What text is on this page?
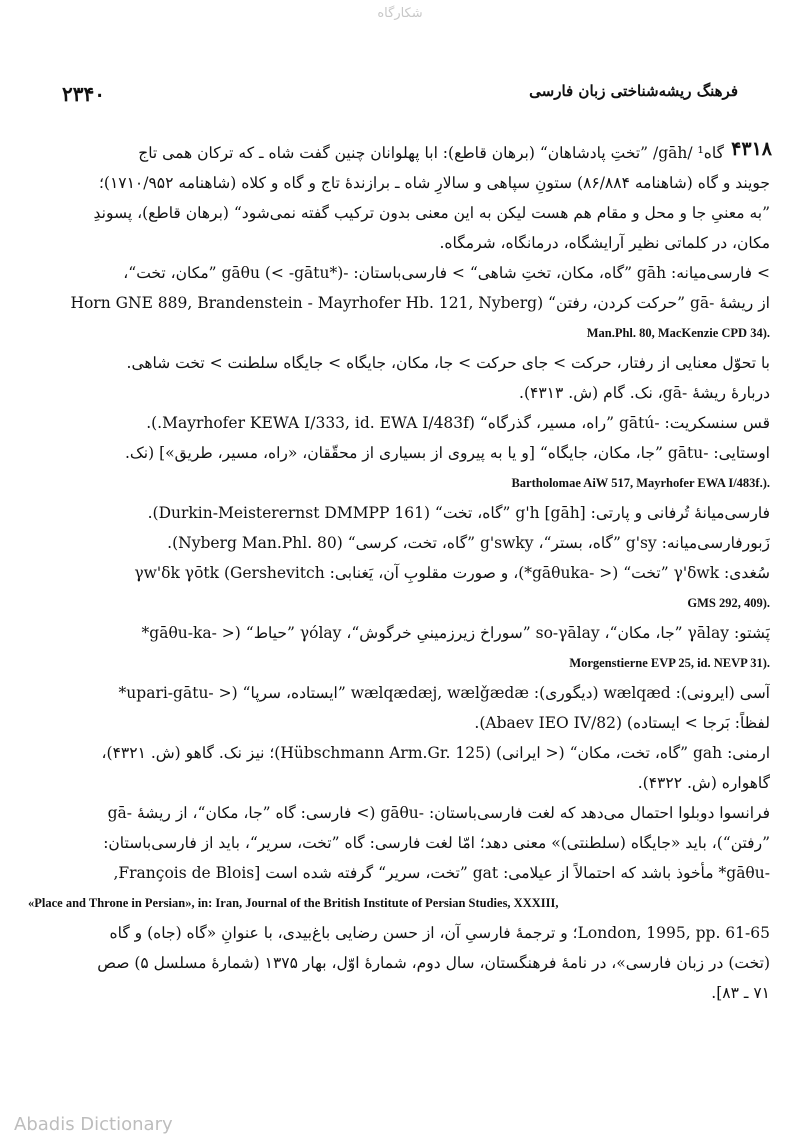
شکارگاه
۲۳۴۰	فرهنگ ریشه‌شناختی زبان فارسی
۴۳۱۸
گاه¹ /gāh/ ”تختِ پادشاهان“ (برهان قاطع): ابا پهلوانان چنین گفت شاه ـ که ترکان همی تاج
جویند و گاه (شاهنامه ۸۶/۸۸۴) ستونِ سپاهی و سالارِ شاه ـ برازندهٔ تاج و گاه و کلاه (شاهنامه ۱۷۱۰/۹۵۲)؛
”به معنیِ جا و محل و مقام هم هست لیکن به این معنی بدون ترکیب گفته نمی‌شود“ (برهان قاطع)، پسوندِ
مکان، در کلماتی نظیر آرایشگاه، درمانگاه، شرمگاه.
> فارسی‌میانه: gāh ”گاه، مکان، تختِ شاهی“ > فارسی‌باستان: -gāθu (< -gātu*) ”مکان، تخت“،
از ریشهٔ -gā ”حرکت کردن، رفتن“ (Horn GNE 889, Brandenstein - Mayrhofer Hb. 121, Nyberg
Man.Phl. 80, MacKenzie CPD 34).
با تحوّل معنایی از رفتار، حرکت > جای حرکت > جا، مکان، جایگاه > جایگاه سلطنت > تخت شاهی.
دربارهٔ ریشهٔ -gā، نک. گام (ش. ۴۳۱۳).
قس سنسکریت: -gātú ”راه، مسیر، گذرگاه“ (Mayrhofer KEWA I/333, id. EWA I/483f.).
اوستایی: -gātu ”جا، مکان، جایگاه“ [و یا به پیروی از بسیاری از محقّقان، «راه، مسیر، طریق»] (نک.
Bartholomae AiW 517, Mayrhofer EWA I/483f.).
فارسی‌میانهٔ تُرفانی و پارتی: g'h [gāh] ”گاه، تخت“ (Durkin-Meisterernst DMMPP 161).
زَبورفارسی‌میانه: g'sy ”گاه، بستر“، g'swky ”گاه، تخت، کرسی“ (Nyberg Man.Phl. 80).
سُغدی: γ'δwk ”تخت“ (< -gāθuka*)، و صورت مقلوبِ آن، یَغنابی: γw'δk γōtk (Gershevitch
GMS 292, 409).
پَشتو: γālay ”جا، مکان“، so-γālay ”سوراخ زیرزمینیِ خرگوش“، γólay ”حیاط“ (< -gāθu-ka*
Morgenstierne EVP 25, id. NEVP 31).
آسی (ایرونی): wælqæd (دیگوری): wælqædæj, wælǧædæ ”ایستاده، سرپا“ (< -upari-gātu*
لفظاً: بَرجا > ایستاده) (Abaev IEO IV/82).
ارمنی: gah ”گاه، تخت، مکان“ (< ایرانی) (Hübschmann Arm.Gr. 125)؛ نیز نک. گاهو (ش. ۴۳۲۱)،
گاهواره (ش. ۴۳۲۲).
فرانسوا دوبلوا احتمال می‌دهد که لغت فارسی‌باستان: -gāθu (> فارسی: گاه ”جا، مکان“، از ریشهٔ -gā
”رفتن“)، باید «جایگاه (سلطنتی)» معنی دهد؛ امّا لغت فارسی: گاه ”تخت، سریر“، باید از فارسی‌باستان:
-gāθu* مأخوذ باشد که احتمالاً از عیلامی: gat ”تخت، سریر“ گرفته شده است [François de Blois,
«Place and Throne in Persian», in: Iran, Journal of the British Institute of Persian Studies, XXXIII,
London, 1995, pp. 61-65؛ و ترجمهٔ فارسیِ آن، از حسن رضایی باغ‌بیدی، با عنوانِ «گاه (جاه) و گاه
(تخت) در زبان فارسی»، در نامهٔ فرهنگستان، سال دوم، شمارهٔ اوّل، بهار ۱۳۷۵ (شمارهٔ مسلسل ۵) صص
۷۱ ـ ۸۳].
Abadis Dictionary
